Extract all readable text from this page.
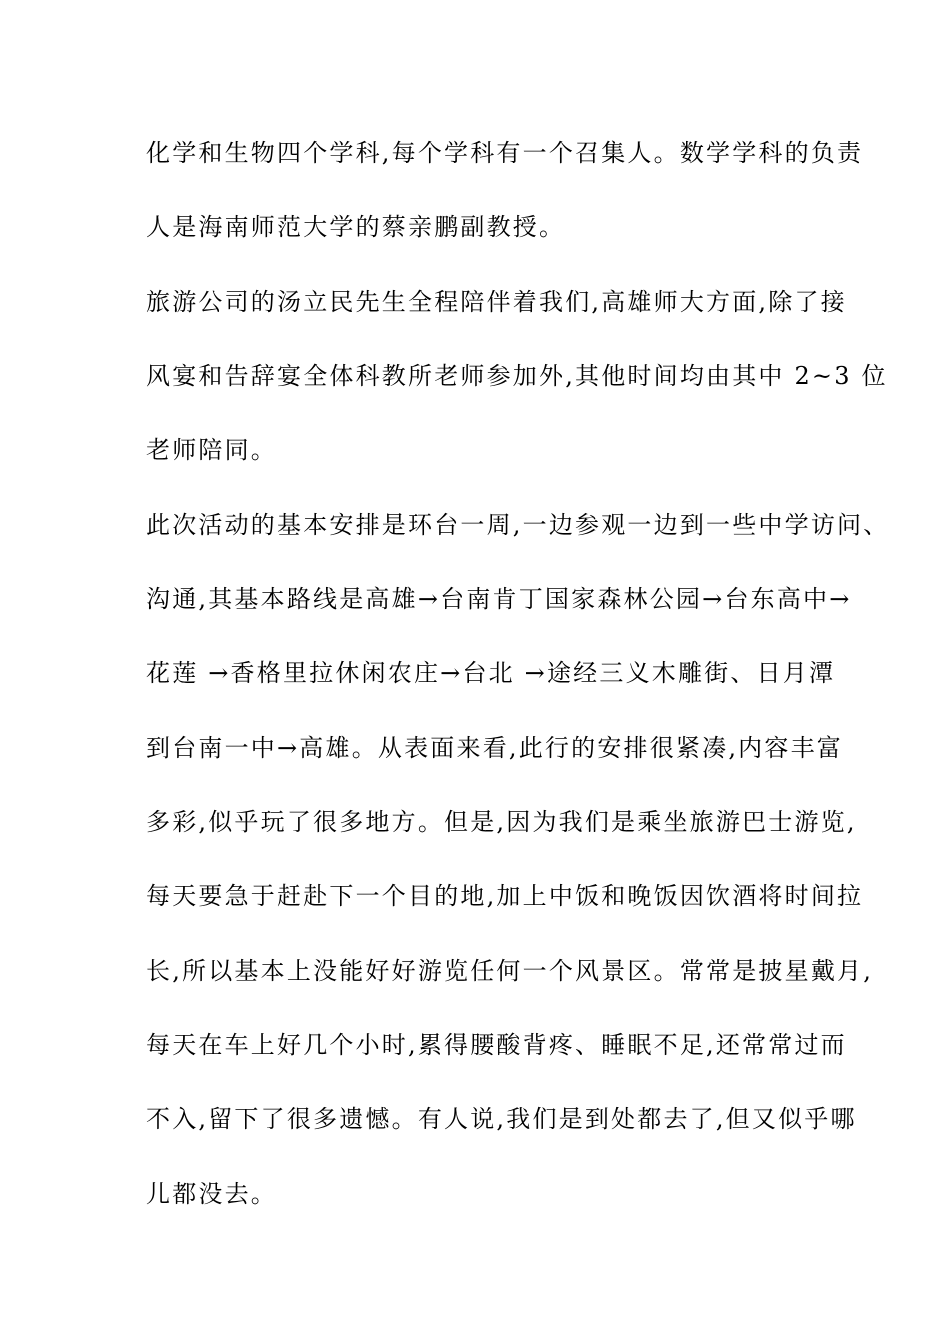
化学和生物四个学科,每个学科有一个召集人。数学学科的负责
人是海南师范大学的蔡亲鹏副教授。
旅游公司的汤立民先生全程陪伴着我们,高雄师大方面,除了接
风宴和告辞宴全体科教所老师参加外,其他时间均由其中 2~3 位
老师陪同。
此次活动的基本安排是环台一周,一边参观一边到一些中学访问、
沟通,其基本路线是高雄→台南肯丁国家森林公园→台东高中→
花莲 →香格里拉休闲农庄→台北 →途经三义木雕街、日月潭
到台南一中→高雄。从表面来看,此行的安排很紧凑,内容丰富
多彩,似乎玩了很多地方。但是,因为我们是乘坐旅游巴士游览,
每天要急于赶赴下一个目的地,加上中饭和晚饭因饮酒将时间拉
长,所以基本上没能好好游览任何一个风景区。常常是披星戴月,
每天在车上好几个小时,累得腰酸背疼、睡眠不足,还常常过而
不入,留下了很多遗憾。有人说,我们是到处都去了,但又似乎哪
儿都没去。
